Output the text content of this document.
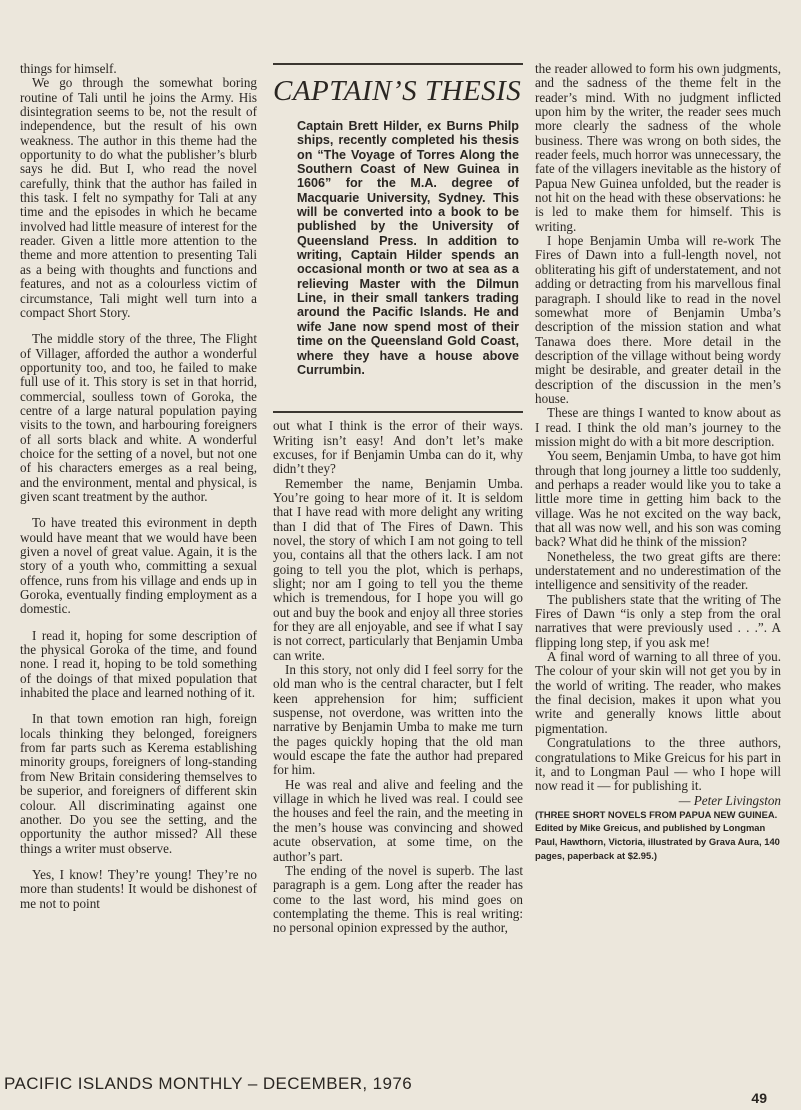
things for himself.

We go through the somewhat boring routine of Tali until he joins the Army. His disintegration seems to be, not the result of independence, but the result of his own weakness. The author in this theme had the opportunity to do what the publisher’s blurb says he did. But I, who read the novel carefully, think that the author has failed in this task. I felt no sympathy for Tali at any time and the episodes in which he became involved had little measure of interest for the reader. Given a little more attention to the theme and more attention to presenting Tali as a being with thoughts and functions and features, and not as a colourless victim of circumstance, Tali might well turn into a compact Short Story.

The middle story of the three, The Flight of Villager, afforded the author a wonderful opportunity too, and too, he failed to make full use of it. This story is set in that horrid, commercial, soulless town of Goroka, the centre of a large natural population paying visits to the town, and harbouring foreigners of all sorts black and white. A wonderful choice for the setting of a novel, but not one of his characters emerges as a real being, and the environment, mental and physical, is given scant treatment by the author.

To have treated this evironment in depth would have meant that we would have been given a novel of great value. Again, it is the story of a youth who, committing a sexual offence, runs from his village and ends up in Goroka, eventually finding employment as a domestic.

I read it, hoping for some description of the physical Goroka of the time, and found none. I read it, hoping to be told something of the doings of that mixed population that inhabited the place and learned nothing of it.

In that town emotion ran high, foreign locals thinking they belonged, foreigners from far parts such as Kerema establishing minority groups, foreigners of long-standing from New Britain considering themselves to be superior, and foreigners of different skin colour. All discriminating against one another. Do you see the setting, and the opportunity the author missed? All these things a writer must observe.

Yes, I know! They’re young! They’re no more than students! It would be dishonest of me not to point

CAPTAIN’S THESIS
Captain Brett Hilder, ex Burns Philp ships, recently completed his thesis on “The Voyage of Torres Along the Southern Coast of New Guinea in 1606” for the M.A. degree of Macquarie University, Sydney. This will be converted into a book to be published by the University of Queensland Press. In addition to writing, Captain Hilder spends an occasional month or two at sea as a relieving Master with the Dilmun Line, in their small tankers trading around the Pacific Islands. He and wife Jane now spend most of their time on the Queensland Gold Coast, where they have a house above Currumbin.

out what I think is the error of their ways. Writing isn’t easy! And don’t let’s make excuses, for if Benjamin Umba can do it, why didn’t they?

Remember the name, Benjamin Umba. You’re going to hear more of it. It is seldom that I have read with more delight any writing than I did that of The Fires of Dawn. This novel, the story of which I am not going to tell you, contains all that the others lack. I am not going to tell you the plot, which is perhaps, slight; nor am I going to tell you the theme which is tremendous, for I hope you will go out and buy the book and enjoy all three stories for they are all enjoyable, and see if what I say is not correct, particularly that Benjamin Umba can write.

In this story, not only did I feel sorry for the old man who is the central character, but I felt keen apprehension for him; sufficient suspense, not overdone, was written into the narrative by Benjamin Umba to make me turn the pages quickly hoping that the old man would escape the fate the author had prepared for him.

He was real and alive and feeling and the village in which he lived was real. I could see the houses and feel the rain, and the meeting in the men’s house was convincing and showed acute observation, at some time, on the author’s part.

The ending of the novel is superb. The last paragraph is a gem. Long after the reader has come to the last word, his mind goes on contemplating the theme. This is real writing: no personal opinion expressed by the author,

the reader allowed to form his own judgments, and the sadness of the theme felt in the reader’s mind. With no judgment inflicted upon him by the writer, the reader sees much more clearly the sadness of the whole business. There was wrong on both sides, the reader feels, much horror was unnecessary, the fate of the villagers inevitable as the history of Papua New Guinea unfolded, but the reader is not hit on the head with these observations: he is led to make them for himself. This is writing.

I hope Benjamin Umba will re-work The Fires of Dawn into a full-length novel, not obliterating his gift of understatement, and not adding or detracting from his marvellous final paragraph. I should like to read in the novel somewhat more of Benjamin Umba’s description of the mission station and what Tanawa does there. More detail in the description of the village without being wordy might be desirable, and greater detail in the description of the discussion in the men’s house.

These are things I wanted to know about as I read. I think the old man’s journey to the mission might do with a bit more description.

You seem, Benjamin Umba, to have got him through that long journey a little too suddenly, and perhaps a reader would like you to take a little more time in getting him back to the village. Was he not excited on the way back, that all was now well, and his son was coming back? What did he think of the mission?

Nonetheless, the two great gifts are there: understatement and no underestimation of the intelligence and sensitivity of the reader.

The publishers state that the writing of The Fires of Dawn “is only a step from the oral narratives that were previously used . . .”. A flipping long step, if you ask me!

A final word of warning to all three of you. The colour of your skin will not get you by in the world of writing. The reader, who makes the final decision, makes it upon what you write and generally knows little about pigmentation.

Congratulations to the three authors, congratulations to Mike Greicus for his part in it, and to Longman Paul — who I hope will now read it — for publishing it.

— Peter Livingston

(THREE SHORT NOVELS FROM PAPUA NEW GUINEA. Edited by Mike Greicus, and published by Longman Paul, Hawthorn, Victoria, illustrated by Grava Aura, 140 pages, paperback at $2.95.)

PACIFIC ISLANDS MONTHLY – DECEMBER, 1976
49
